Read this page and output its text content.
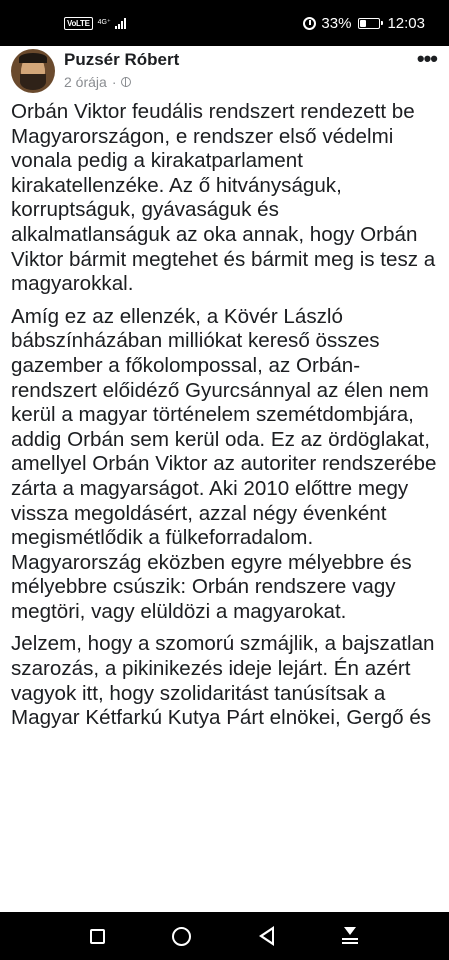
VoLTE	4G⁺	33% 12:03
Puzsér Róbert
2 órája ·
•••

Orbán Viktor feudális rendszert rendezett be Magyarországon, e rendszer első védelmi vonala pedig a kirakatparlament kirakatellenzéke. Az ő hitványságuk, korruptságuk, gyávaságuk és alkalmatlanságuk az oka annak, hogy Orbán Viktor bármit megtehet és bármit meg is tesz a magyarokkal.

Amíg ez az ellenzék, a Kövér László bábszínházában milliókat kereső összes gazember a főkolompossal, az Orbán-rendszert előidéző Gyurcsánnyal az élen nem kerül a magyar történelem szemétdombjára, addig Orbán sem kerül oda. Ez az ördöglakat, amellyel Orbán Viktor az autoriter rendszerébe zárta a magyarságot. Aki 2010 előttre megy vissza megoldásért, azzal négy évenként megismétlődik a fülkeforradalom. Magyarország eközben egyre mélyebbre és mélyebbre csúszik: Orbán rendszere vagy megtöri, vagy elüldözi a magyarokat.

Jelzem, hogy a szomorú szmájlik, a bajszatlan szarozás, a pikinikezés ideje lejárt. Én azért vagyok itt, hogy szolidaritást tanúsítsak a Magyar Kétfarkú Kutya Párt elnökei, Gergő és
